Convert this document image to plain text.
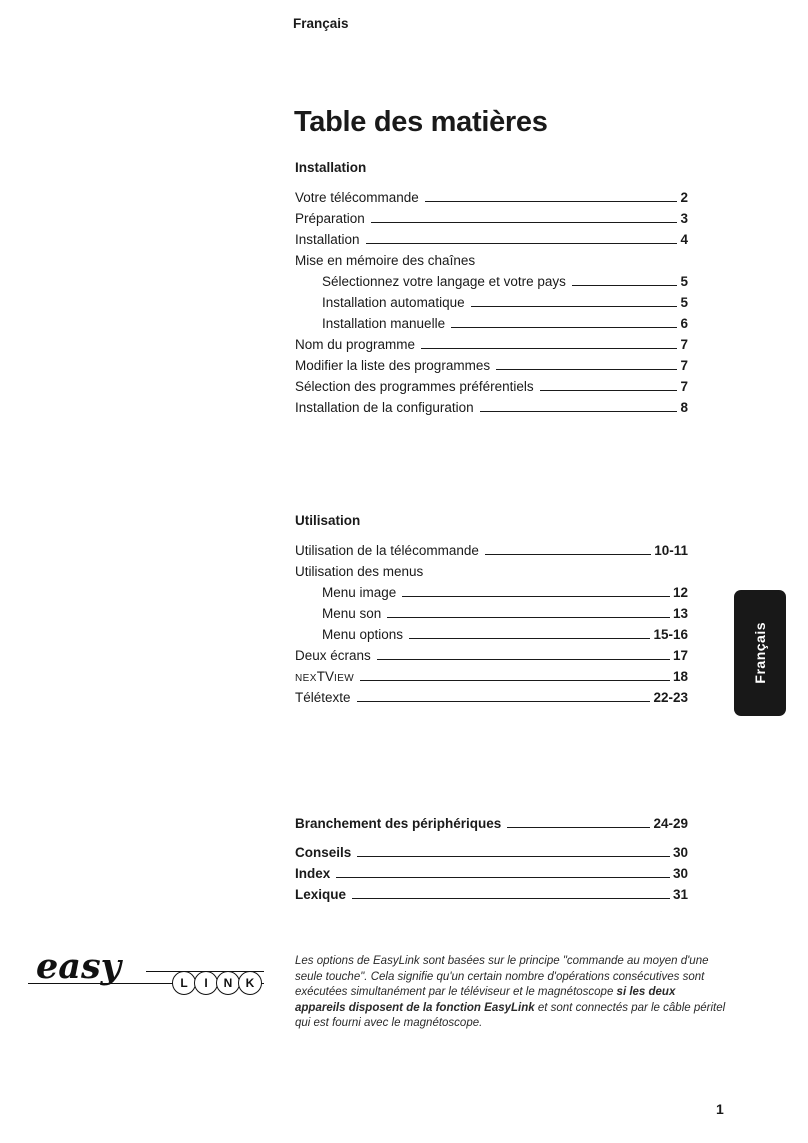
Français
Table des matières
Installation
Votre télécommande	2
Préparation	3
Installation	4
Mise en mémoire des chaînes
Sélectionnez votre langage et votre pays	5
Installation automatique	5
Installation manuelle	6
Nom du programme	7
Modifier la liste des programmes	7
Sélection des programmes préférentiels	7
Installation de la configuration	8
Utilisation
Utilisation de la télécommande	10-11
Utilisation des menus
Menu image	12
Menu son	13
Menu options	15-16
Deux écrans	17
NEXTVIEW	18
Télétexte	22-23
Branchement des périphériques	24-29
Conseils	30
Index	30
Lexique	31
Français
easy	L	I	N	K

Les options de EasyLink sont basées sur le principe "commande au moyen d'une seule touche". Cela signifie qu'un certain nombre d'opérations consécutives sont exécutées simultanément par le téléviseur et le magnétoscope si les deux appareils disposent de la fonction EasyLink et sont connectés par le câble péritel qui est fourni avec le magnétoscope.

1
